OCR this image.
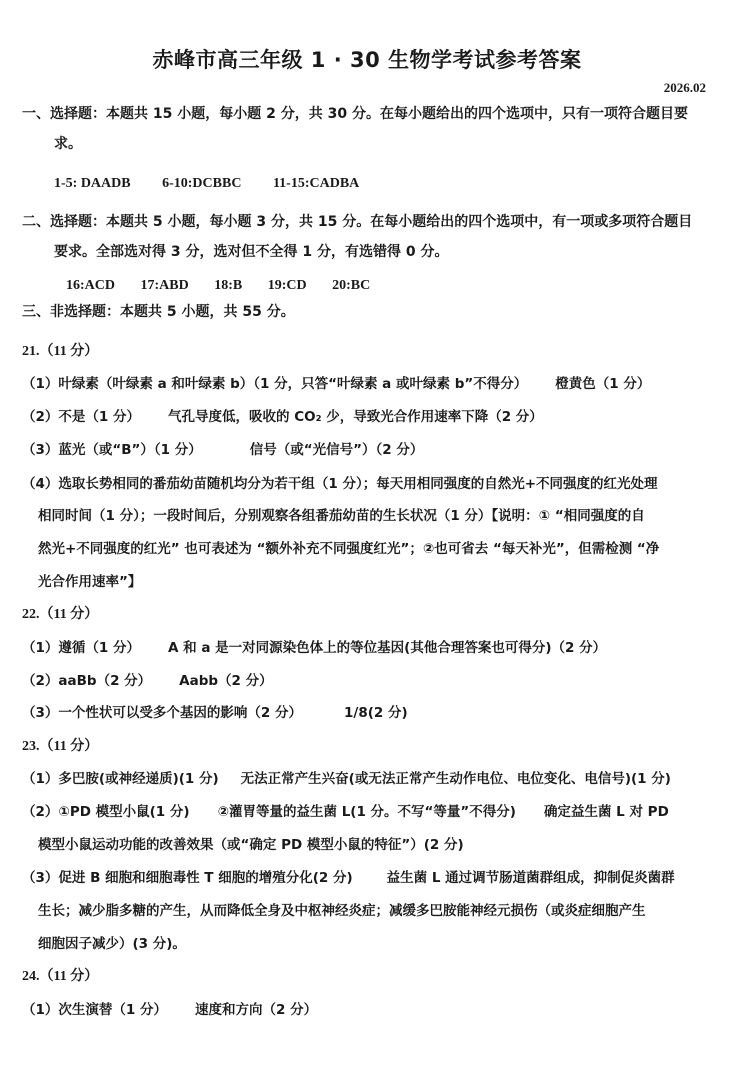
赤峰市高三年级 1 · 30 生物学考试参考答案
2026.02
一、选择题：本题共 15 小题，每小题 2 分，共 30 分。在每小题给出的四个选项中，只有一项符合题目要
求。
1-5: DAADB 6-10:DCBBC 11-15:CADBA
二、选择题：本题共 5 小题，每小题 3 分，共 15 分。在每小题给出的四个选项中，有一项或多项符合题目
要求。全部选对得 3 分，选对但不全得 1 分，有选错得 0 分。
16:ACD 17:ABD 18:B 19:CD 20:BC
三、非选择题：本题共 5 小题，共 55 分。
21.（11 分）
（1）叶绿素（叶绿素 a 和叶绿素 b）（1 分，只答“叶绿素 a 或叶绿素 b”不得分） 橙黄色（1 分）
（2）不是（1 分） 气孔导度低，吸收的 CO₂ 少，导致光合作用速率下降（2 分）
（3）蓝光（或“B”）（1 分）	信号（或“光信号”）（2 分）
（4）选取长势相同的番茄幼苗随机均分为若干组（1 分）；每天用相同强度的自然光+不同强度的红光处理
相同时间（1 分）；一段时间后，分别观察各组番茄幼苗的生长状况（1 分）【说明：① “相同强度的自
然光+不同强度的红光” 也可表述为 “额外补充不同强度红光”；②也可省去 “每天补光”，但需检测 “净
光合作用速率”】
22.（11 分）
（1）遵循（1 分） A 和 a 是一对同源染色体上的等位基因(其他合理答案也可得分)（2 分）
（2）aaBb（2 分） Aabb（2 分）
（3）一个性状可以受多个基因的影响（2 分）	1/8(2 分)
23.（11 分）
（1）多巴胺(或神经递质)(1 分) 无法正常产生兴奋(或无法正常产生动作电位、电位变化、电信号)(1 分)
（2）①PD 模型小鼠(1 分) ②灌胃等量的益生菌 L(1 分。不写“等量”不得分) 确定益生菌 L 对 PD
模型小鼠运动功能的改善效果（或“确定 PD 模型小鼠的特征”）(2 分)
（3）促进 B 细胞和细胞毒性 T 细胞的增殖分化(2 分)	益生菌 L 通过调节肠道菌群组成，抑制促炎菌群
生长；减少脂多糖的产生，从而降低全身及中枢神经炎症；减缓多巴胺能神经元损伤（或炎症细胞产生
细胞因子减少）(3 分)。
24.（11 分）
（1）次生演替（1 分） 速度和方向（2 分）
